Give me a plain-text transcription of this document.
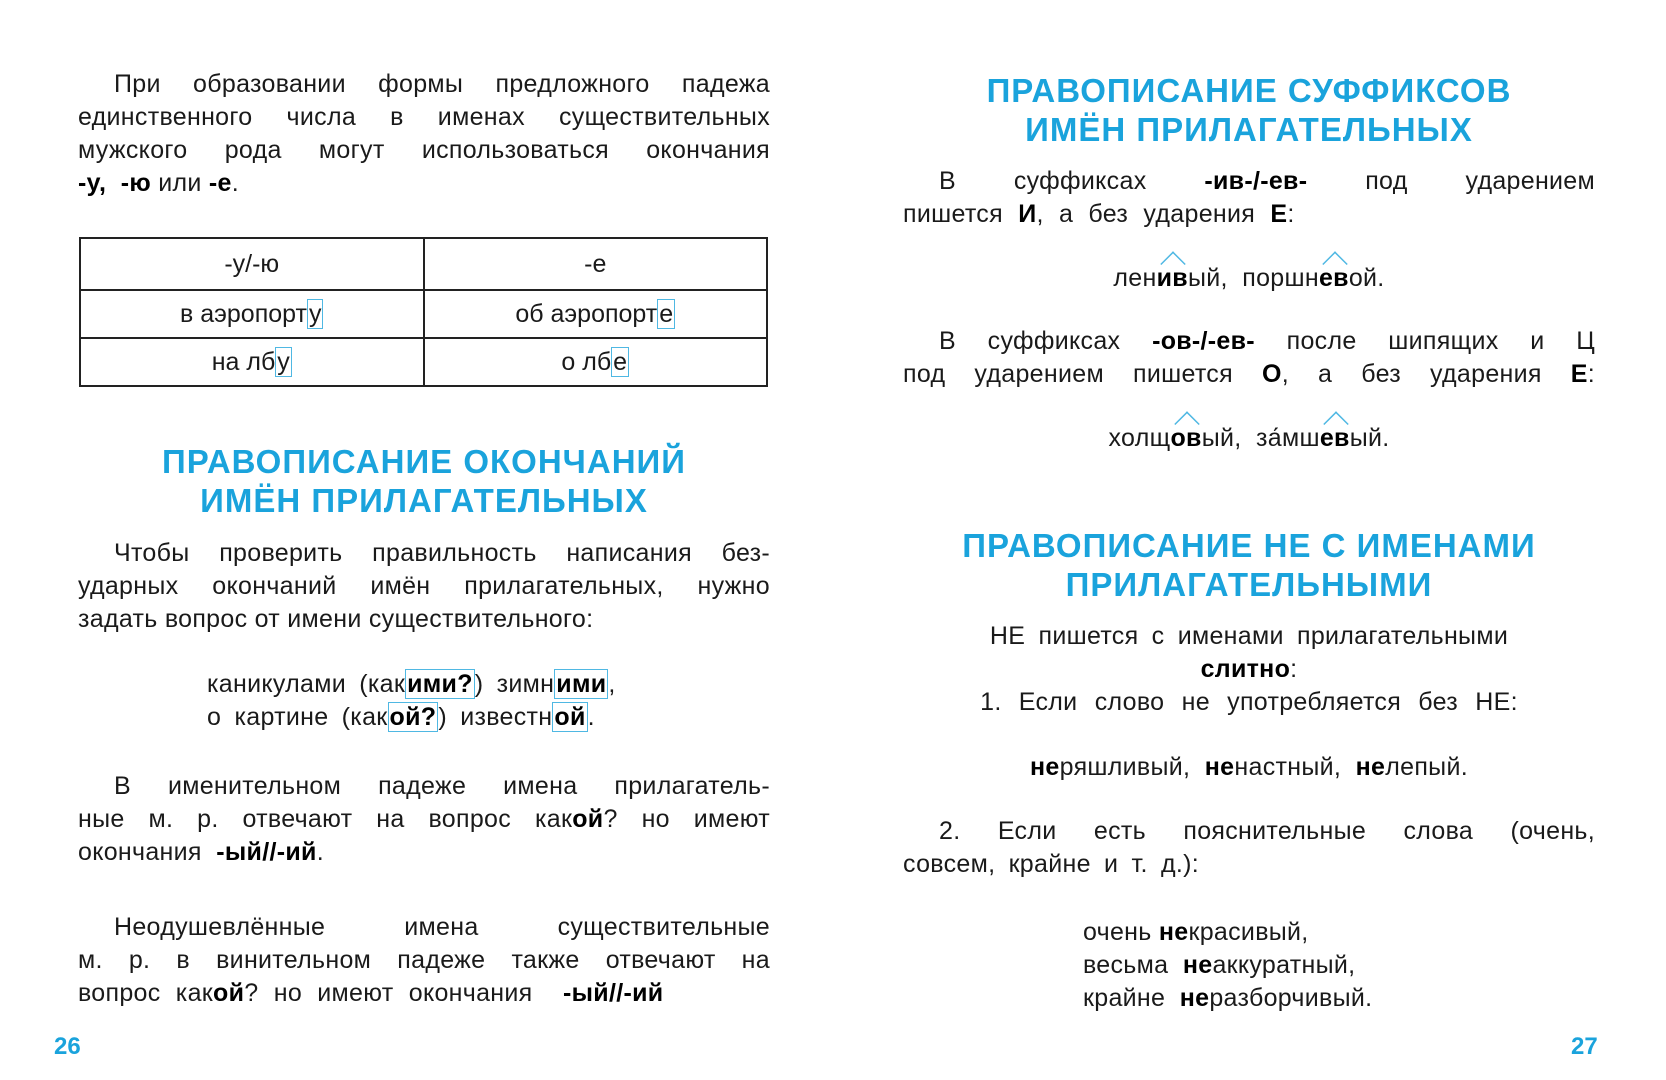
При образовании формы предложного падежа
единственного числа в именах существительных
мужского рода могут использоваться окончания
-у, -ю или -е.
-у/-ю	-е
в аэропорту	об аэропорте
на лбу	о лбе
ПРАВОПИСАНИЕ ОКОНЧАНИЙ
ИМЁН ПРИЛАГАТЕЛЬНЫХ
Чтобы проверить правильность написания без-
ударных окончаний имён прилагательных, нужно
задать вопрос от имени существительного:
каникулами (какими?) зимними,
о картине (какой?) известной.
В именительном падеже имена прилагатель-
ные м. р. отвечают на вопрос какой? но имеют
окончания -ый//-ий.
Неодушевлённые имена существительные
м. р. в винительном падеже также отвечают на
вопрос какой? но имеют окончания -ый//-ий
26
ПРАВОПИСАНИЕ СУФФИКСОВ
ИМЁН ПРИЛАГАТЕЛЬНЫХ
В суффиксах -ив-/-ев- под ударением
пишется И, а без ударения Е:
ленивый, поршневой.
В суффиксах -ов-/-ев- после шипящих и Ц
под ударением пишется О, а без ударения Е:
холщовый, за́мшевый.
ПРАВОПИСАНИЕ НЕ С ИМЕНАМИ
ПРИЛАГАТЕЛЬНЫМИ
НЕ пишется с именами прилагательными
слитно:
1. Если слово не употребляется без НЕ:
неряшливый, ненастный, нелепый.
2. Если есть пояснительные слова (очень,
совсем, крайне и т. д.):
очень некрасивый,
весьма неаккуратный,
крайне неразборчивый.
27
